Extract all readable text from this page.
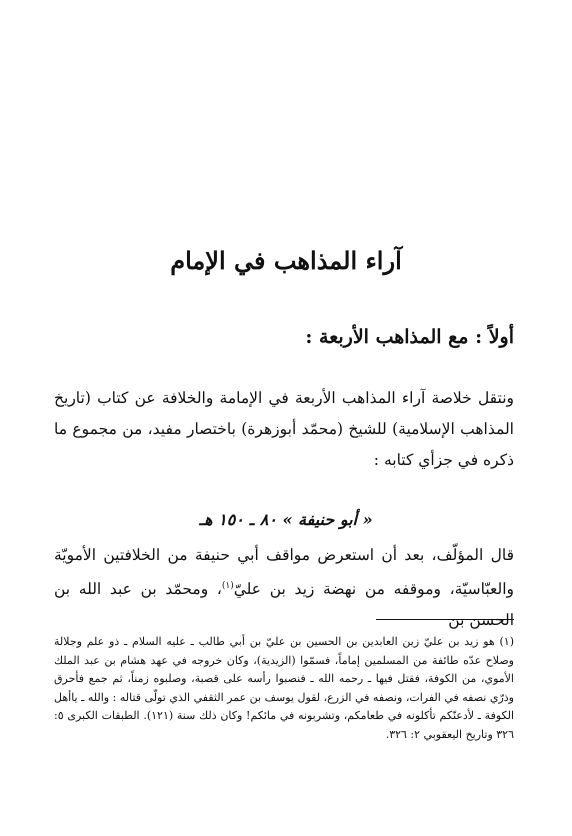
آراء المذاهب في الإمام
أولاً : مع المذاهب الأربعة :

ونتقل خلاصة آراء المذاهب الأربعة في الإمامة والخلافة عن كتاب (تاريخ المذاهب الإسلامية) للشيخ (محمّد أبوزهرة) باختصار مفيد، من مجموع ما ذكره في جزأي كتابه :

« أبو حنيفة » ٨٠ ـ ١٥٠ هـ

قال المؤلّف، بعد أن استعرض مواقف أبي حنيفة من الخلافتين الأمويّة والعبّاسيّة، وموقفه من نهضة زيد بن عليّ$^{(١)}$، ومحمّد بن عبد الله بن الحسن بن

(١) هو زيد بن عليّ زين العابدين بن الحسين بن عليّ بن أبي طالب ـ عليه السلام ـ ذو علم وجلالة وصلاح عدّه طائفة من المسلمين إماماً، فسمّوا (الزيدية)، وكان خروجه في عهد هشام بن عبد الملك الأموي، من الكوفة، فقتل فيها ـ رحمه الله ـ فنصبوا رأسه على قصبة، وصلبوه زمناً، ثم جمع فأحرق وذرّي نصفه في الفرات، ونصفه في الزرع، لقول يوسف بن عمر الثقفي الذي تولّى قتاله : والله ـ ياأهل الكوفة ـ لأدعنّكم تأكلونه في طعامكم، وتشربونه في مائكم! وكان ذلك سنة (١٢١). الطبقات الكبرى ٥: ٣٢٦ وتاريخ اليعقوبي ٢: ٣٢٦.
